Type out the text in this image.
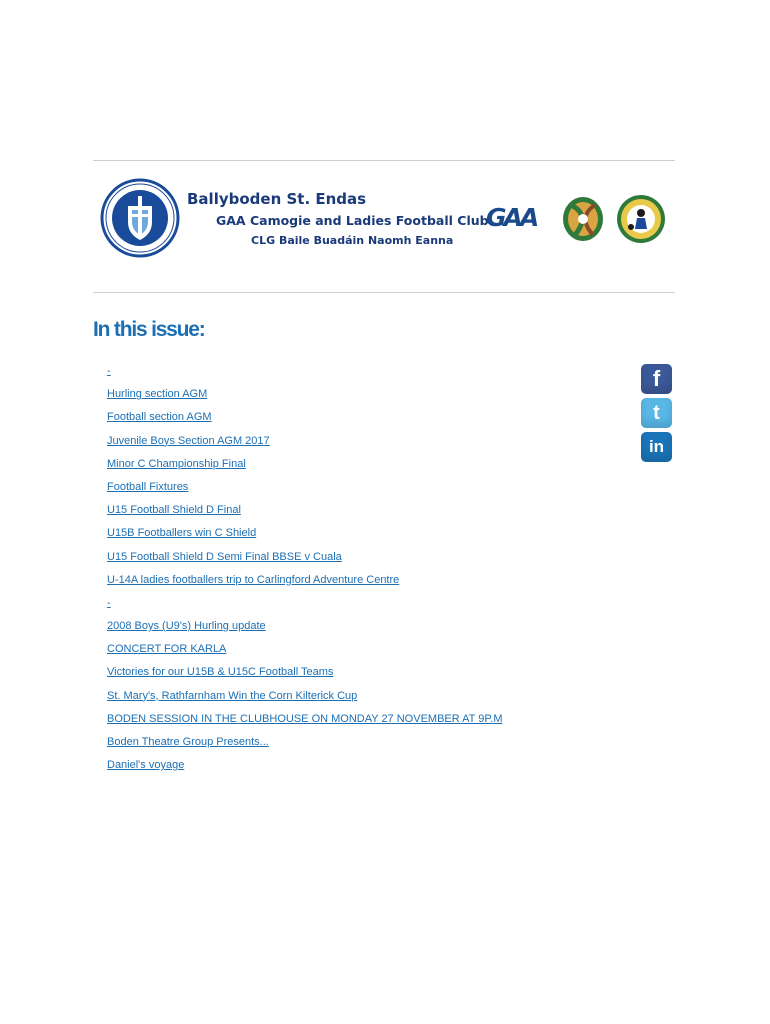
Ballyboden St. Endas

GAA Camogie and Ladies Football Club

CLG Baile Buadáin Naomh Eanna

GAA
In this issue:
-
Hurling section AGM
Football section AGM
Juvenile Boys Section AGM 2017
Minor C Championship Final
Football Fixtures
U15 Football Shield D Final
U15B Footballers win C Shield
U15 Football Shield D Semi Final BBSE v Cuala
U-14A ladies footballers trip to Carlingford Adventure Centre
-
2008 Boys (U9's) Hurling update
CONCERT FOR KARLA
Victories for our U15B & U15C Football Teams
St. Mary's, Rathfarnham Win the Corn Kilterick Cup
BODEN SESSION IN THE CLUBHOUSE ON MONDAY 27 NOVEMBER AT 9P.M
Boden Theatre Group Presents...
Daniel's voyage
f
t
in
